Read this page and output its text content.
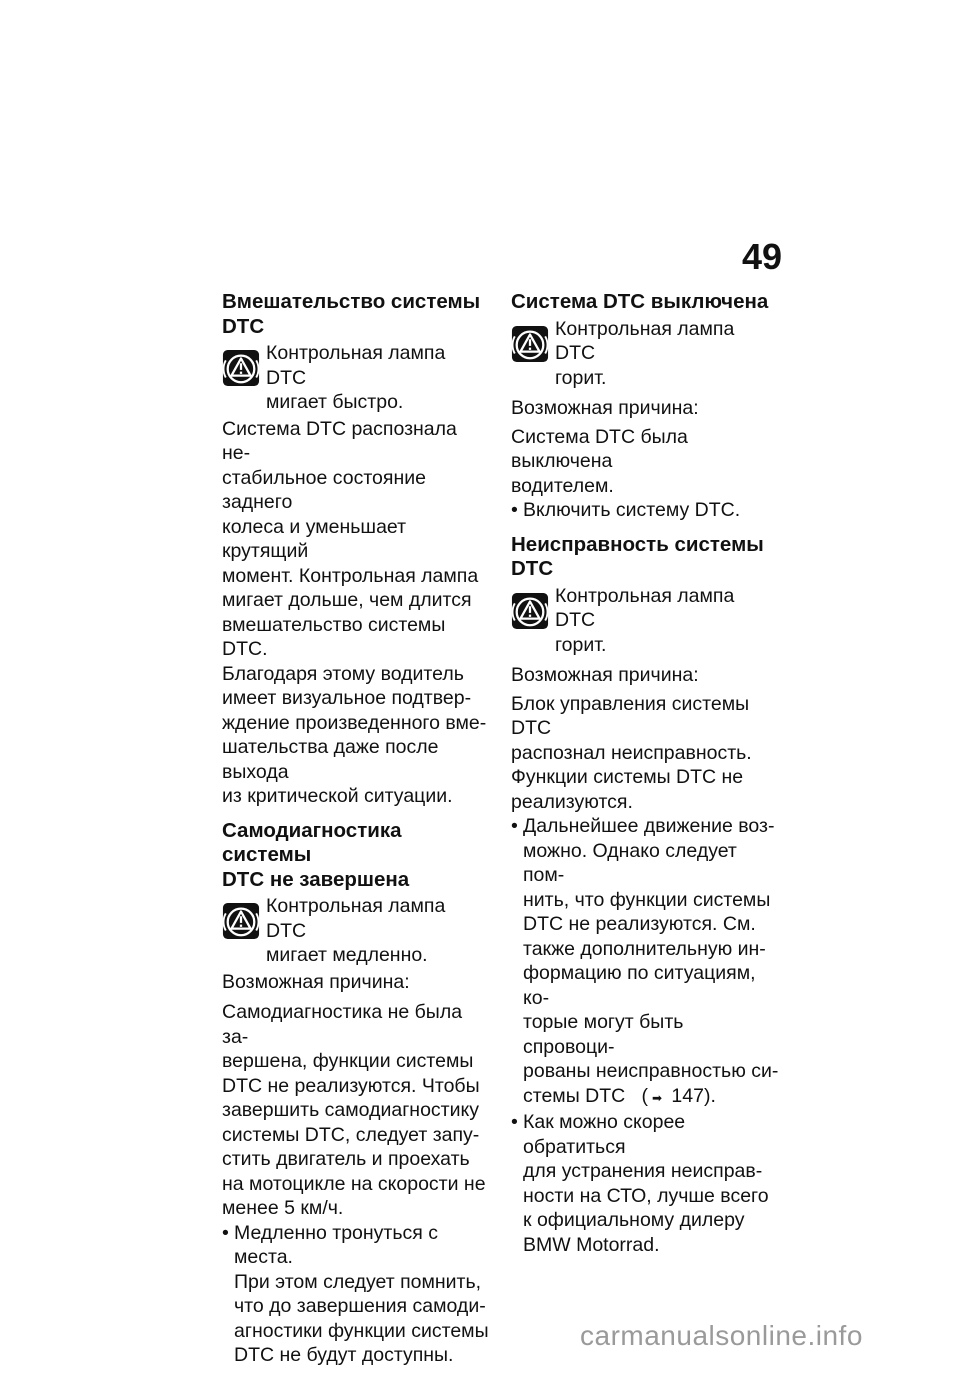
49

Вмешательство системы

DTC

Контрольная лампа DTC

мигает быстро.

Система DTC распознала не-

стабильное состояние заднего

колеса и уменьшает крутящий

момент. Контрольная лампа

мигает дольше, чем длится

вмешательство системы DTC.

Благодаря этому водитель

имеет визуальное подтвер-

ждение произведенного вме-

шательства даже после выхода

из критической ситуации.

Самодиагностика системы

DTC не завершена

Контрольная лампа DTC

мигает медленно.

Возможная причина:

Самодиагностика не была за-

вершена, функции системы

DTC не реализуются. Чтобы

завершить самодиагностику

системы DTC, следует запу-

стить двигатель и проехать

на мотоцикле на скорости не

менее 5 км/ч.

• Медленно тронуться с места.

При этом следует помнить,

что до завершения самоди-

агностики функции системы

DTC не будут доступны.

Система DTC выключена

Контрольная лампа DTC

горит.

Возможная причина:

Система DTC была выключена

водителем.

• Включить систему DTC.

Неисправность системы

DTC

Контрольная лампа DTC

горит.

Возможная причина:

Блок управления системы DTC

распознал неисправность.

Функции системы DTC не

реализуются.

• Дальнейшее движение воз-

можно. Однако следует пом-

нить, что функции системы

DTC не реализуются. См.

также дополнительную ин-

формацию по ситуациям, ко-

торые могут быть спровоци-

рованы неисправностью си-

стемы DTC ( ➡ 147).

• Как можно скорее обратиться

для устранения неисправ-

ности на СТО, лучше всего

к официальному дилеру

BMW Motorrad.

carmanualsonline.info
